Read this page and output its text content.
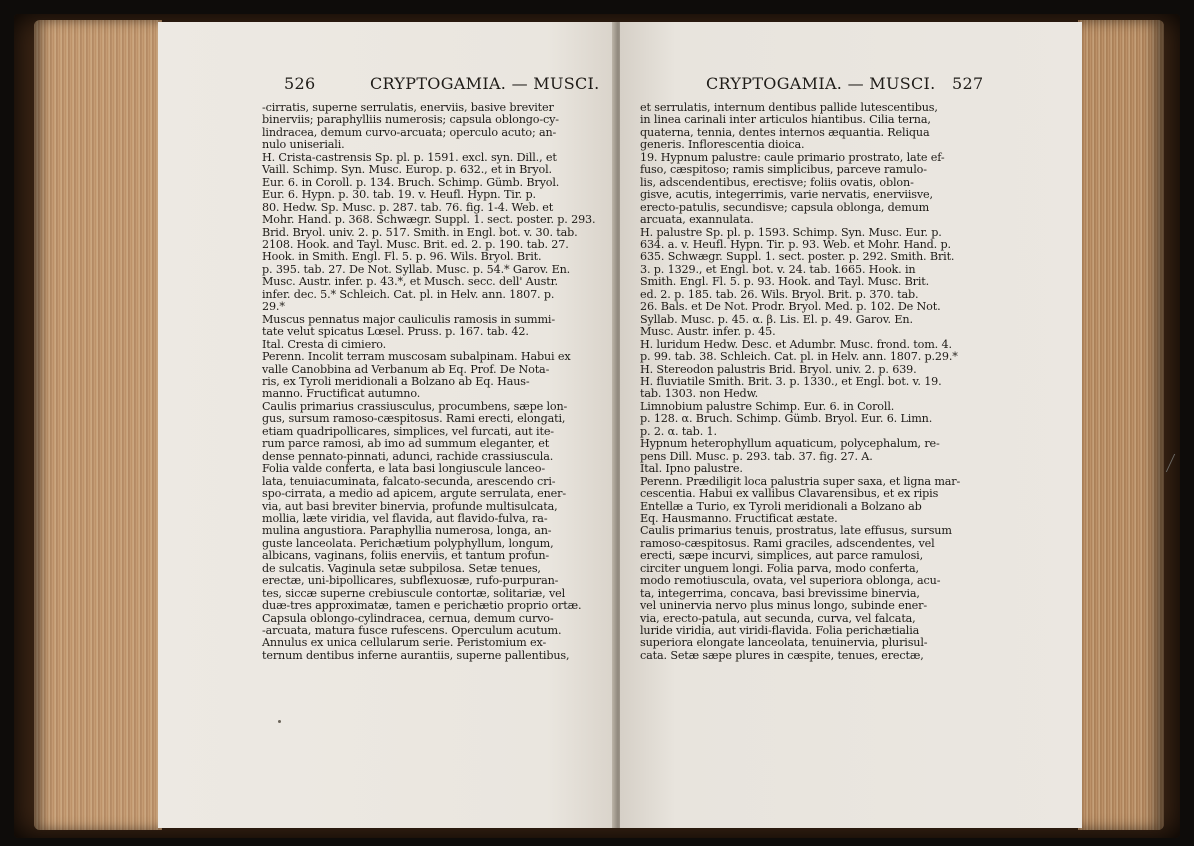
526	CRYPTOGAMIA. — MUSCI.

-cirratis, superne serrulatis, enerviis, basive breviter

binerviis; paraphylliis numerosis; capsula oblongo-cy-

lindracea, demum curvo-arcuata; operculo acuto; an-

nulo uniseriali.

H. Crista-castrensis Sp. pl. p. 1591. excl. syn. Dill., et

Vaill. Schimp. Syn. Musc. Europ. p. 632., et in Bryol.

Eur. 6. in Coroll. p. 134. Bruch. Schimp. Gümb. Bryol.

Eur. 6. Hypn. p. 30. tab. 19. v. Heufl. Hypn. Tir. p.

80. Hedw. Sp. Musc. p. 287. tab. 76. fig. 1-4. Web. et

Mohr. Hand. p. 368. Schwægr. Suppl. 1. sect. poster. p. 293.

Brid. Bryol. univ. 2. p. 517. Smith. in Engl. bot. v. 30. tab.

2108. Hook. and Tayl. Musc. Brit. ed. 2. p. 190. tab. 27.

Hook. in Smith. Engl. Fl. 5. p. 96. Wils. Bryol. Brit.

p. 395. tab. 27. De Not. Syllab. Musc. p. 54.* Garov. En.

Musc. Austr. infer. p. 43.*, et Musch. secc. dell' Austr.

infer. dec. 5.* Schleich. Cat. pl. in Helv. ann. 1807. p.

29.*

Muscus pennatus major cauliculis ramosis in summi-

tate velut spicatus Lœsel. Pruss. p. 167. tab. 42.

Ital. Cresta di cimiero.

Perenn. Incolit terram muscosam subalpinam. Habui ex

valle Canobbina ad Verbanum ab Eq. Prof. De Nota-

ris, ex Tyroli meridionali a Bolzano ab Eq. Haus-

manno. Fructificat autumno.

Caulis primarius crassiusculus, procumbens, sæpe lon-

gus, sursum ramoso-cæspitosus. Rami erecti, elongati,

etiam quadripollicares, simplices, vel furcati, aut ite-

rum parce ramosi, ab imo ad summum eleganter, et

dense pennato-pinnati, adunci, rachide crassiuscula.

Folia valde conferta, e lata basi longiuscule lanceo-

lata, tenuiacuminata, falcato-secunda, arescendo cri-

spo-cirrata, a medio ad apicem, argute serrulata, ener-

via, aut basi breviter binervia, profunde multisulcata,

mollia, læte viridia, vel flavida, aut flavido-fulva, ra-

mulina angustiora. Paraphyllia numerosa, longa, an-

guste lanceolata. Perichætium polyphyllum, longum,

albicans, vaginans, foliis enerviis, et tantum profun-

de sulcatis. Vaginula setæ subpilosa. Setæ tenues,

erectæ, uni-bipollicares, subflexuosæ, rufo-purpuran-

tes, siccæ superne crebiuscule contortæ, solitariæ, vel

duæ-tres approximatæ, tamen e perichætio proprio ortæ.

Capsula oblongo-cylindracea, cernua, demum curvo-

-arcuata, matura fusce rufescens. Operculum acutum.

Annulus ex unica cellularum serie. Peristomium ex-

ternum dentibus inferne aurantiis, superne pallentibus,

CRYPTOGAMIA. — MUSCI. 527

et serrulatis, internum dentibus pallide lutescentibus,

in linea carinali inter articulos hiantibus. Cilia terna,

quaterna, tennia, dentes internos æquantia. Reliqua

generis. Inflorescentia dioica.

19. Hypnum palustre: caule primario prostrato, late ef-

fuso, cæspitoso; ramis simplicibus, parceve ramulo-

lis, adscendentibus, erectisve; foliis ovatis, oblon-

gisve, acutis, integerrimis, varie nervatis, enerviisve,

erecto-patulis, secundisve; capsula oblonga, demum

arcuata, exannulata.

H. palustre Sp. pl. p. 1593. Schimp. Syn. Musc. Eur. p.

634. a. v. Heufl. Hypn. Tir. p. 93. Web. et Mohr. Hand. p.

635. Schwægr. Suppl. 1. sect. poster. p. 292. Smith. Brit.

3. p. 1329., et Engl. bot. v. 24. tab. 1665. Hook. in

Smith. Engl. Fl. 5. p. 93. Hook. and Tayl. Musc. Brit.

ed. 2. p. 185. tab. 26. Wils. Bryol. Brit. p. 370. tab.

26. Bals. et De Not. Prodr. Bryol. Med. p. 102. De Not.

Syllab. Musc. p. 45. α. β. Lis. El. p. 49. Garov. En.

Musc. Austr. infer. p. 45.

H. luridum Hedw. Desc. et Adumbr. Musc. frond. tom. 4.

p. 99. tab. 38. Schleich. Cat. pl. in Helv. ann. 1807. p.29.*

H. Stereodon palustris Brid. Bryol. univ. 2. p. 639.

H. fluviatile Smith. Brit. 3. p. 1330., et Engl. bot. v. 19.

tab. 1303. non Hedw.

Limnobium palustre Schimp. Eur. 6. in Coroll.

p. 128. α. Bruch. Schimp. Gümb. Bryol. Eur. 6. Limn.

p. 2. α. tab. 1.

Hypnum heterophyllum aquaticum, polycephalum, re-

pens Dill. Musc. p. 293. tab. 37. fig. 27. A.

Ital. Ipno palustre.

Perenn. Prædiligit loca palustria super saxa, et ligna mar-

cescentia. Habui ex vallibus Clavarensibus, et ex ripis

Entellæ a Turio, ex Tyroli meridionali a Bolzano ab

Eq. Hausmanno. Fructificat æstate.

Caulis primarius tenuis, prostratus, late effusus, sursum

ramoso-cæspitosus. Rami graciles, adscendentes, vel

erecti, sæpe incurvi, simplices, aut parce ramulosi,

circiter unguem longi. Folia parva, modo conferta,

modo remotiuscula, ovata, vel superiora oblonga, acu-

ta, integerrima, concava, basi brevissime binervia,

vel uninervia nervo plus minus longo, subinde ener-

via, erecto-patula, aut secunda, curva, vel falcata,

luride viridia, aut viridi-flavida. Folia perichætialia

superiora elongate lanceolata, tenuinervia, plurisul-

cata. Setæ sæpe plures in cæspite, tenues, erectæ,
